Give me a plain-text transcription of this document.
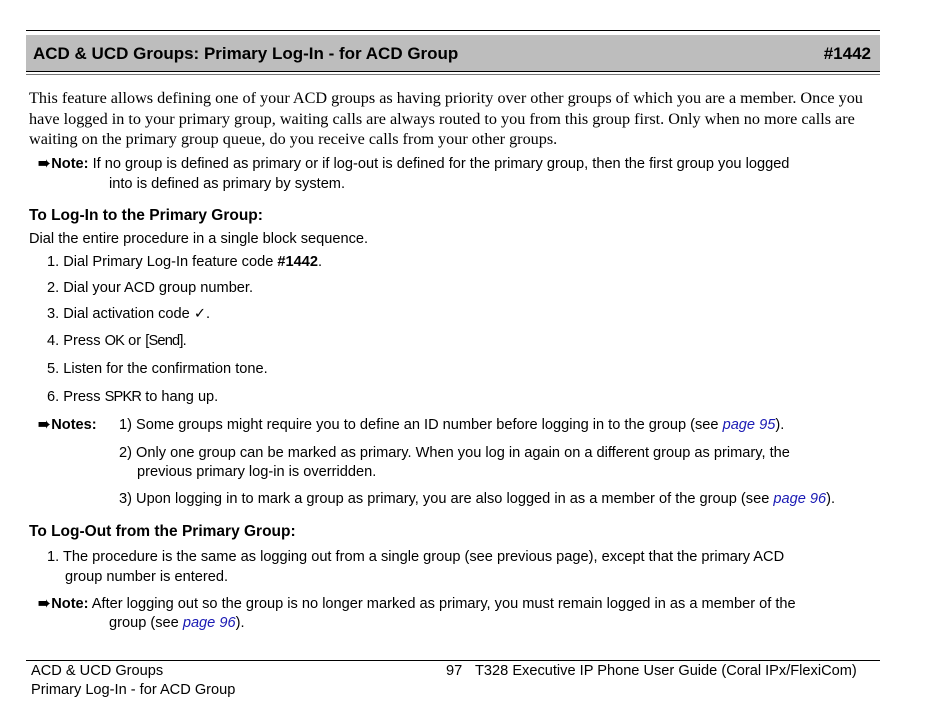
ACD & UCD Groups: Primary Log-In - for ACD Group	#1442
This feature allows defining one of your ACD groups as having priority over other groups of which you are a member. Once you have logged in to your primary group, waiting calls are always routed to you from this group first. Only when no more calls are waiting on the primary group queue, do you receive calls from your other groups.
➠ Note: If no group is defined as primary or if log-out is defined for the primary group, then the first group you logged
into is defined as primary by system.
To Log-In to the Primary Group:
Dial the entire procedure in a single block sequence.
1. Dial Primary Log-In feature code #1442.
2. Dial your ACD group number.
3. Dial activation code ✓.
4. Press OK or [Send].
5. Listen for the confirmation tone.
6. Press SPKR to hang up.
➠ Notes: 1) Some groups might require you to define an ID number before logging in to the group (see page 95).
2) Only one group can be marked as primary. When you log in again on a different group as primary, the
previous primary log-in is overridden.
3) Upon logging in to mark a group as primary, you are also logged in as a member of the group (see page 96).
To Log-Out from the Primary Group:
1. The procedure is the same as logging out from a single group (see previous page), except that the primary ACD
group number is entered.
➠ Note: After logging out so the group is no longer marked as primary, you must remain logged in as a member of the
group (see page 96).
ACD & UCD Groups
Primary Log-In - for ACD Group
97 T328 Executive IP Phone User Guide (Coral IPx/FlexiCom)
